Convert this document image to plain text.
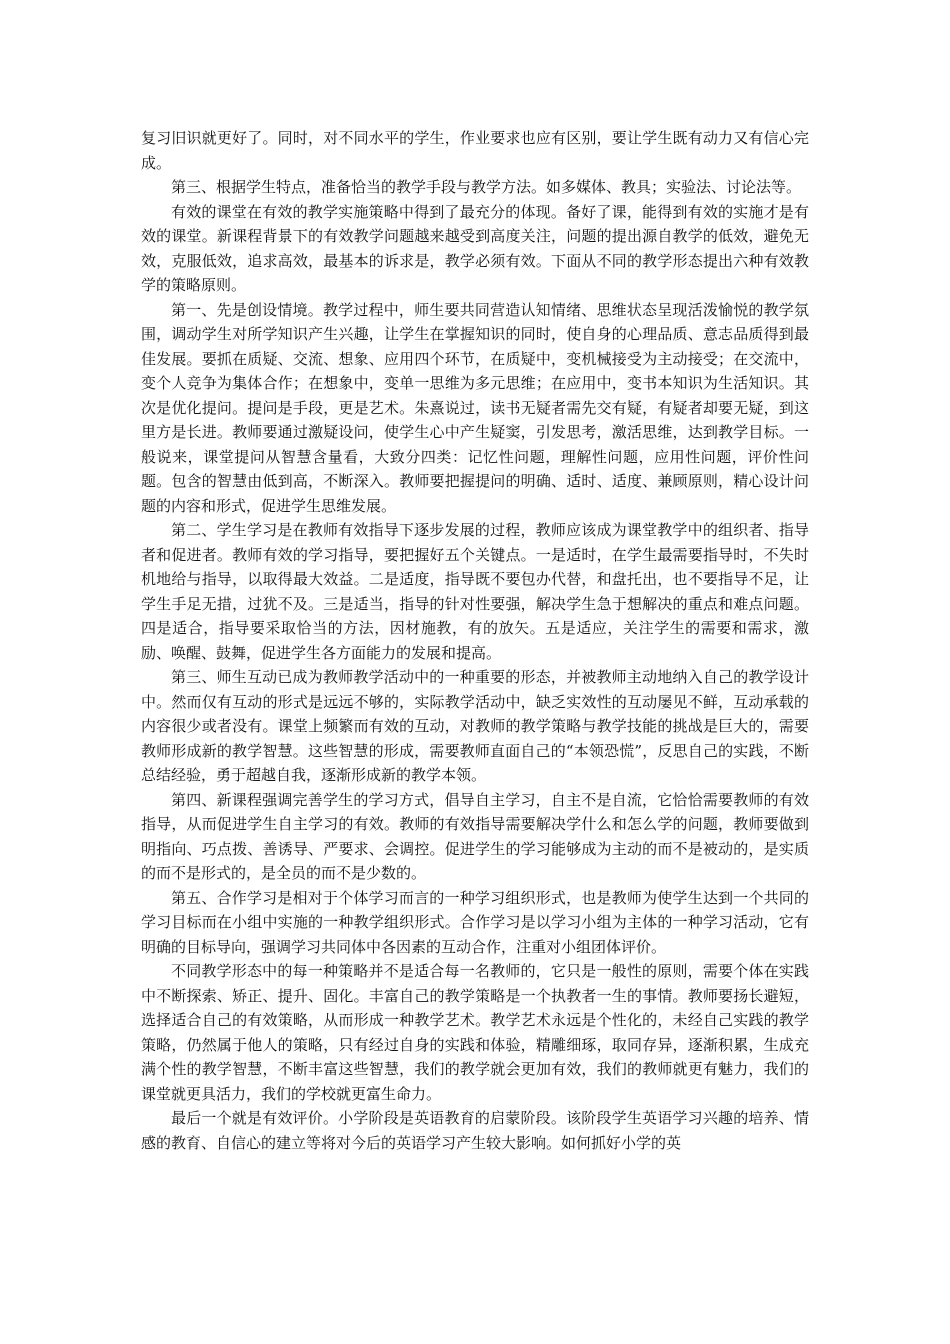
复习旧识就更好了。同时，对不同水平的学生，作业要求也应有区别，要让学生既有动力又有信心完成。

第三、根据学生特点，准备恰当的教学手段与教学方法。如多媒体、教具；实验法、讨论法等。

有效的课堂在有效的教学实施策略中得到了最充分的体现。备好了课，能得到有效的实施才是有效的课堂。新课程背景下的有效教学问题越来越受到高度关注，问题的提出源自教学的低效，避免无效，克服低效，追求高效，最基本的诉求是，教学必须有效。下面从不同的教学形态提出六种有效教学的策略原则。

第一、先是创设情境。教学过程中，师生要共同营造认知情绪、思维状态呈现活泼愉悦的教学氛围，调动学生对所学知识产生兴趣，让学生在掌握知识的同时，使自身的心理品质、意志品质得到最佳发展。要抓在质疑、交流、想象、应用四个环节，在质疑中，变机械接受为主动接受；在交流中，变个人竞争为集体合作；在想象中，变单一思维为多元思维；在应用中，变书本知识为生活知识。其次是优化提问。提问是手段，更是艺术。朱熹说过，读书无疑者需先交有疑，有疑者却要无疑，到这里方是长进。教师要通过激疑设问，使学生心中产生疑窦，引发思考，激活思维，达到教学目标。一般说来，课堂提问从智慧含量看，大致分四类：记忆性问题，理解性问题，应用性问题，评价性问题。包含的智慧由低到高，不断深入。教师要把握提问的明确、适时、适度、兼顾原则，精心设计问题的内容和形式，促进学生思维发展。

第二、学生学习是在教师有效指导下逐步发展的过程，教师应该成为课堂教学中的组织者、指导者和促进者。教师有效的学习指导，要把握好五个关键点。一是适时，在学生最需要指导时，不失时机地给与指导，以取得最大效益。二是适度，指导既不要包办代替，和盘托出，也不要指导不足，让学生手足无措，过犹不及。三是适当，指导的针对性要强，解决学生急于想解决的重点和难点问题。四是适合，指导要采取恰当的方法，因材施教，有的放矢。五是适应，关注学生的需要和需求，激励、唤醒、鼓舞，促进学生各方面能力的发展和提高。

第三、师生互动已成为教师教学活动中的一种重要的形态，并被教师主动地纳入自己的教学设计中。然而仅有互动的形式是远远不够的，实际教学活动中，缺乏实效性的互动屡见不鲜，互动承载的内容很少或者没有。课堂上频繁而有效的互动，对教师的教学策略与教学技能的挑战是巨大的，需要教师形成新的教学智慧。这些智慧的形成，需要教师直面自己的“本领恐慌”，反思自己的实践，不断总结经验，勇于超越自我，逐渐形成新的教学本领。

第四、新课程强调完善学生的学习方式，倡导自主学习，自主不是自流，它恰恰需要教师的有效指导，从而促进学生自主学习的有效。教师的有效指导需要解决学什么和怎么学的问题，教师要做到明指向、巧点拨、善诱导、严要求、会调控。促进学生的学习能够成为主动的而不是被动的，是实质的而不是形式的，是全员的而不是少数的。

第五、合作学习是相对于个体学习而言的一种学习组织形式，也是教师为使学生达到一个共同的学习目标而在小组中实施的一种教学组织形式。合作学习是以学习小组为主体的一种学习活动，它有明确的目标导向，强调学习共同体中各因素的互动合作，注重对小组团体评价。

不同教学形态中的每一种策略并不是适合每一名教师的，它只是一般性的原则，需要个体在实践中不断探索、矫正、提升、固化。丰富自己的教学策略是一个执教者一生的事情。教师要扬长避短，选择适合自己的有效策略，从而形成一种教学艺术。教学艺术永远是个性化的，未经自己实践的教学策略，仍然属于他人的策略，只有经过自身的实践和体验，精雕细琢，取同存异，逐渐积累，生成充满个性的教学智慧，不断丰富这些智慧，我们的教学就会更加有效，我们的教师就更有魅力，我们的课堂就更具活力，我们的学校就更富生命力。

最后一个就是有效评价。小学阶段是英语教育的启蒙阶段。该阶段学生英语学习兴趣的培养、情感的教育、自信心的建立等将对今后的英语学习产生较大影响。如何抓好小学的英
